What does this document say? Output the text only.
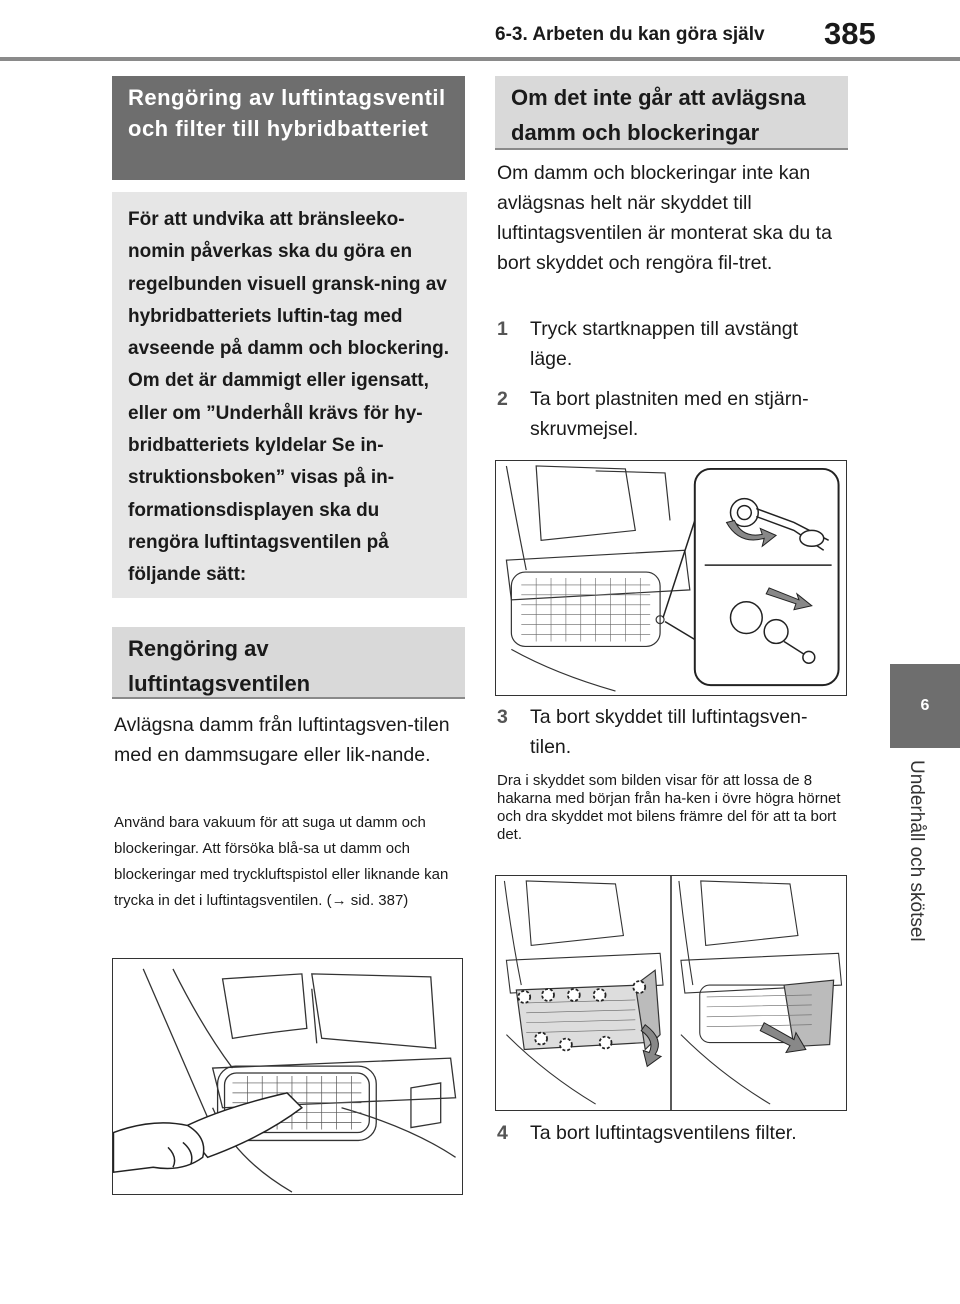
6-3. Arbeten du kan göra själv 385
6
Underhåll och skötsel
Rengöring av luftintagsventil och filter till hybridbatteriet
För att undvika att bränsleeko-nomin påverkas ska du göra en regelbunden visuell gransk-ning av hybridbatteriets luftin-tag med avseende på damm och blockering. Om det är dammigt eller igensatt, eller om ”Underhåll krävs för hy-bridbatteriets kyldelar Se in-struktionsboken” visas på in-formationsdisplayen ska du rengöra luftintagsventilen på följande sätt:
Rengöring av luftintagsventilen
Avlägsna damm från luftintagsven-tilen med en dammsugare eller lik-nande.
Använd bara vakuum för att suga ut damm och blockeringar. Att försöka blå-sa ut damm och blockeringar med tryckluftspistol eller liknande kan trycka in det i luftintagsventilen. (→ sid. 387)
Om det inte går att avlägsna damm och blockeringar
Om damm och blockeringar inte kan avlägsnas helt när skyddet till luftintagsventilen är monterat ska du ta bort skyddet och rengöra fil-tret.
1 Tryck startknappen till avstängt läge.
2 Ta bort plastniten med en stjärn-skruvmejsel.
3 Ta bort skyddet till luftintagsven-tilen.
Dra i skyddet som bilden visar för att lossa de 8 hakarna med början från ha-ken i övre högra hörnet och dra skyddet mot bilens främre del för att ta bort det.
4 Ta bort luftintagsventilens filter.
